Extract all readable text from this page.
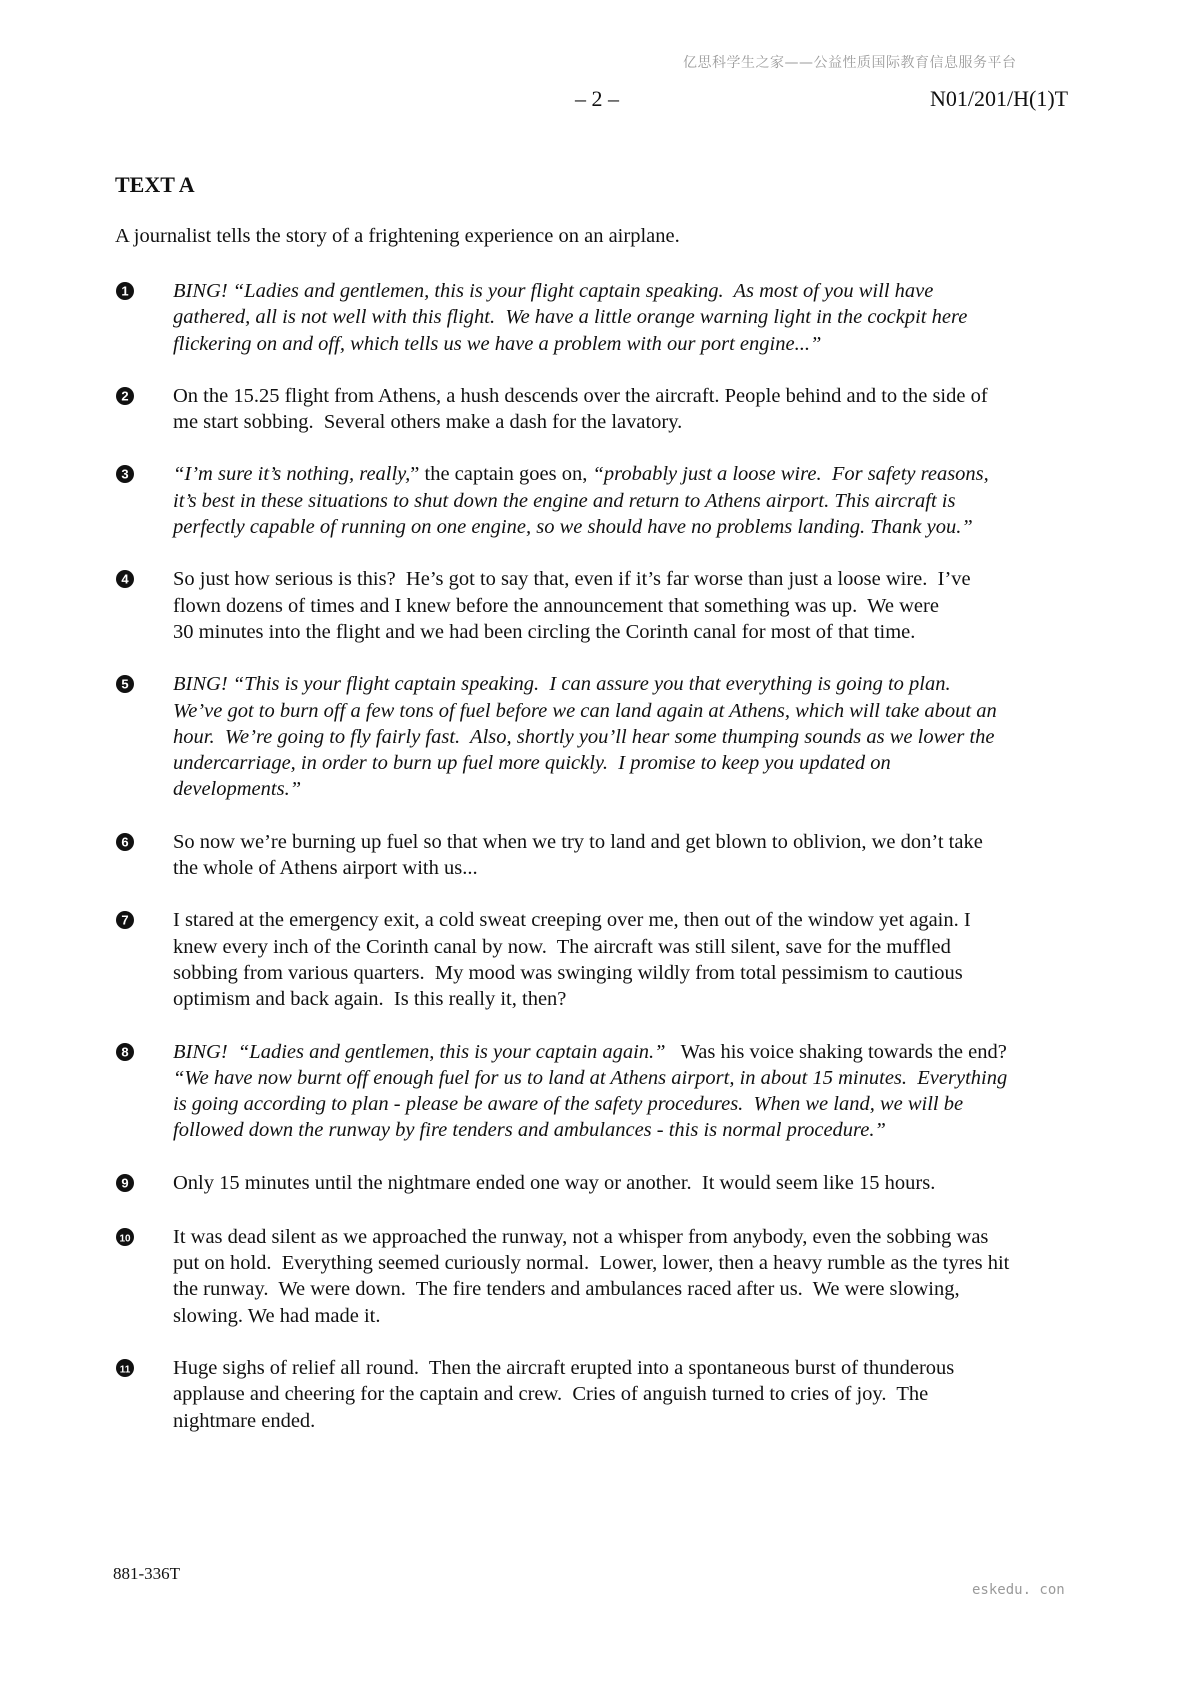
亿思科学生之家——公益性质国际教育信息服务平台
– 2 –	N01/201/H(1)T
TEXT A
A journalist tells the story of a frightening experience on an airplane.
1 BING! “Ladies and gentlemen, this is your flight captain speaking.  As most of you will have
gathered, all is not well with this flight.  We have a little orange warning light in the cockpit here
flickering on and off, which tells us we have a problem with our port engine...”
2 On the 15.25 flight from Athens, a hush descends over the aircraft. People behind and to the side of
me start sobbing.  Several others make a dash for the lavatory.
3 “I’m sure it’s nothing, really,” the captain goes on, “probably just a loose wire.  For safety reasons,
it’s best in these situations to shut down the engine and return to Athens airport. This aircraft is
perfectly capable of running on one engine, so we should have no problems landing. Thank you.”
4 So just how serious is this?  He’s got to say that, even if it’s far worse than just a loose wire.  I’ve
flown dozens of times and I knew before the announcement that something was up.  We were
30 minutes into the flight and we had been circling the Corinth canal for most of that time.
5 BING! “This is your flight captain speaking.  I can assure you that everything is going to plan.
We’ve got to burn off a few tons of fuel before we can land again at Athens, which will take about an
hour.  We’re going to fly fairly fast.  Also, shortly you’ll hear some thumping sounds as we lower the
undercarriage, in order to burn up fuel more quickly.  I promise to keep you updated on
developments.”
6 So now we’re burning up fuel so that when we try to land and get blown to oblivion, we don’t take
the whole of Athens airport with us...
7 I stared at the emergency exit, a cold sweat creeping over me, then out of the window yet again. I
knew every inch of the Corinth canal by now.  The aircraft was still silent, save for the muffled
sobbing from various quarters.  My mood was swinging wildly from total pessimism to cautious
optimism and back again.  Is this really it, then?
8 BING!  “Ladies and gentlemen, this is your captain again.”   Was his voice shaking towards the end?
“We have now burnt off enough fuel for us to land at Athens airport, in about 15 minutes.  Everything
is going according to plan - please be aware of the safety procedures.  When we land, we will be
followed down the runway by fire tenders and ambulances - this is normal procedure.”
9 Only 15 minutes until the nightmare ended one way or another.  It would seem like 15 hours.
10 It was dead silent as we approached the runway, not a whisper from anybody, even the sobbing was
put on hold.  Everything seemed curiously normal.  Lower, lower, then a heavy rumble as the tyres hit
the runway.  We were down.  The fire tenders and ambulances raced after us.  We were slowing,
slowing. We had made it.
11 Huge sighs of relief all round.  Then the aircraft erupted into a spontaneous burst of thunderous
applause and cheering for the captain and crew.  Cries of anguish turned to cries of joy.  The
nightmare ended.
881-336T
eskedu. con
